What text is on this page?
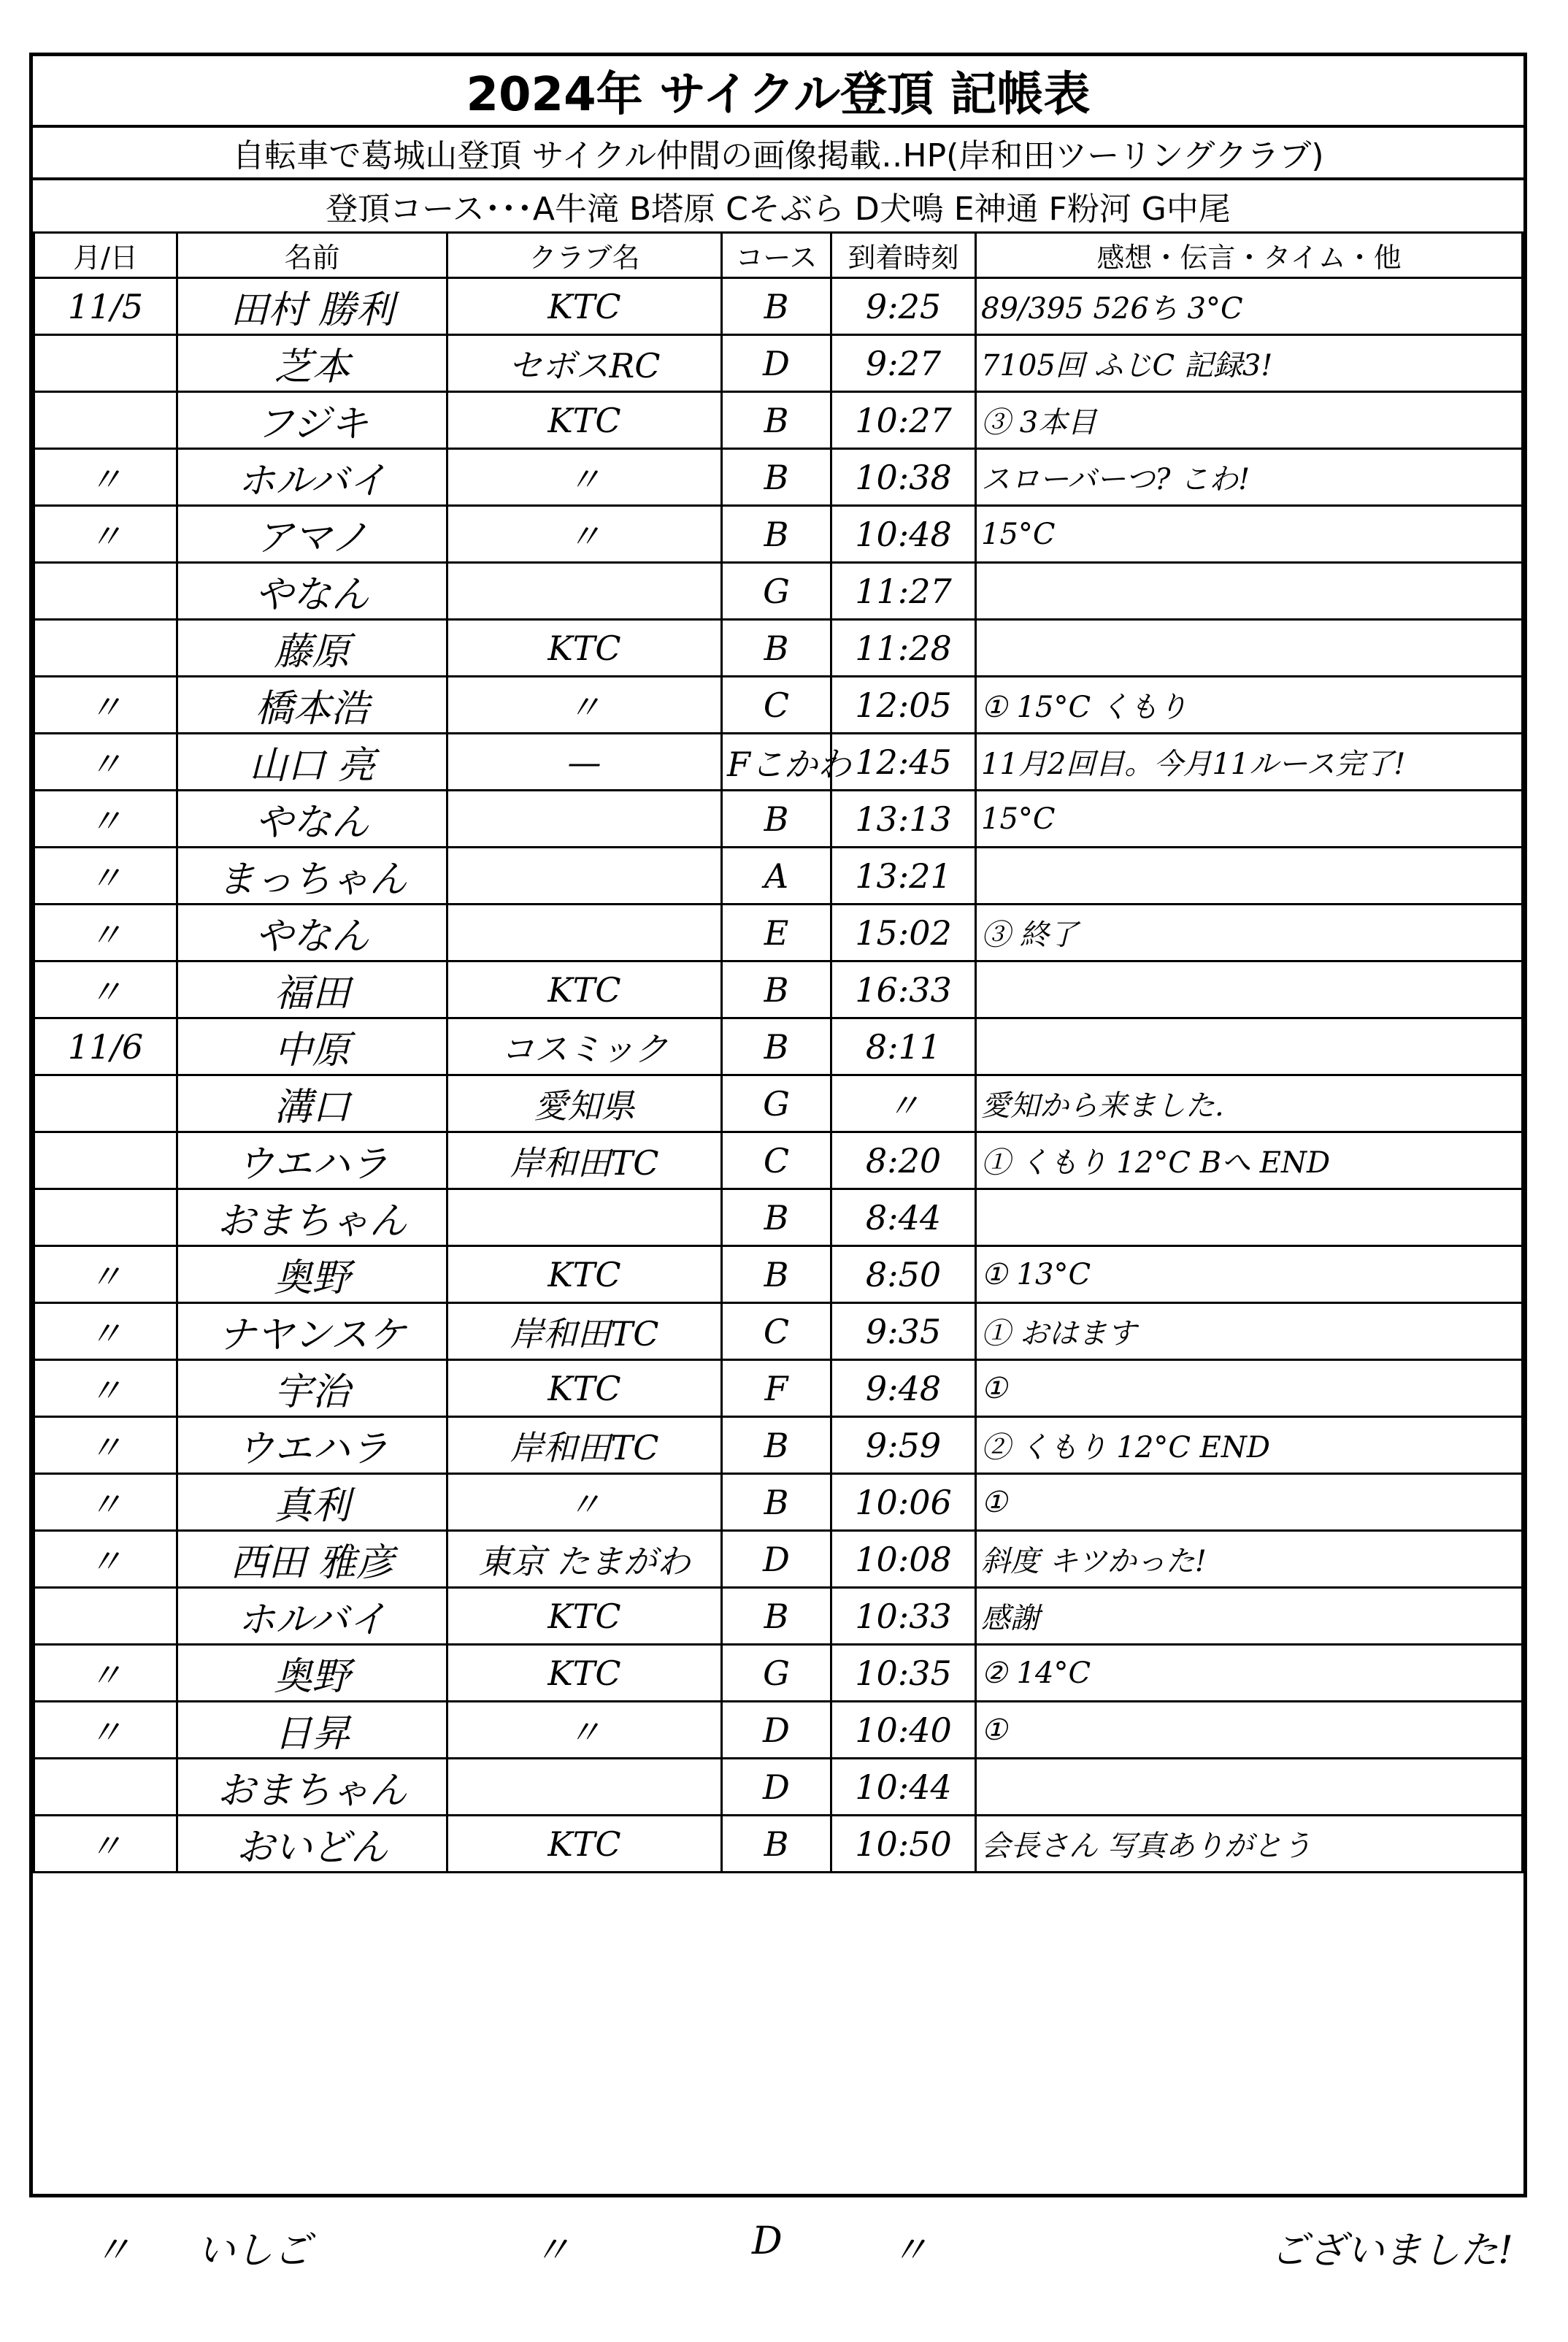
2024年 サイクル登頂 記帳表
自転車で葛城山登頂 サイクル仲間の画像掲載‥HP(岸和田ツーリングクラブ)
登頂コース･･･A牛滝 B塔原 Cそぶら D犬鳴 E神通 F粉河 G中尾
月/日	名前	クラブ名	コース	到着時刻	感想・伝言・タイム・他
11/5	田村 勝利	KTC	B	9:25	89/395 526ち 3°C
	芝本	セボスRC	D	9:27	7105回 ふじC 記録3!
	フジキ	KTC	B	10:27	③ 3本目
〃	ホルバイ	〃	B	10:38	スローバーつ? こわ!
〃	アマノ	〃	B	10:48	15°C
	やなん		G	11:27	
	藤原	KTC	B	11:28	
〃	橋本浩	〃	C	12:05	① 15°C くもり
〃	山口 亮	—	Fこかわ	12:45	11月2回目。今月11ルース完了!
〃	やなん		B	13:13	15°C
〃	まっちゃん		A	13:21	
〃	やなん		E	15:02	③ 終了
〃	福田	KTC	B	16:33	
11/6	中原	コスミック	B	8:11	
	溝口	愛知県	G	〃	愛知から来ました.
	ウエハラ	岸和田TC	C	8:20	① くもり 12°C Bへ END
	おまちゃん		B	8:44	
〃	奥野	KTC	B	8:50	① 13°C
〃	ナヤンスケ	岸和田TC	C	9:35	① おはます
〃	宇治	KTC	F	9:48	①
〃	ウエハラ	岸和田TC	B	9:59	② くもり 12°C END
〃	真利	〃	B	10:06	①
〃	西田 雅彦	東京 たまがわ	D	10:08	斜度 キツかった!
	ホルバイ	KTC	B	10:33	感謝
〃	奥野	KTC	G	10:35	② 14°C
〃	日昇	〃	D	10:40	①
	おまちゃん		D	10:44	
〃	おいどん	KTC	B	10:50	会長さん 写真ありがとう
〃 いしご	〃	D	〃	ございました!
